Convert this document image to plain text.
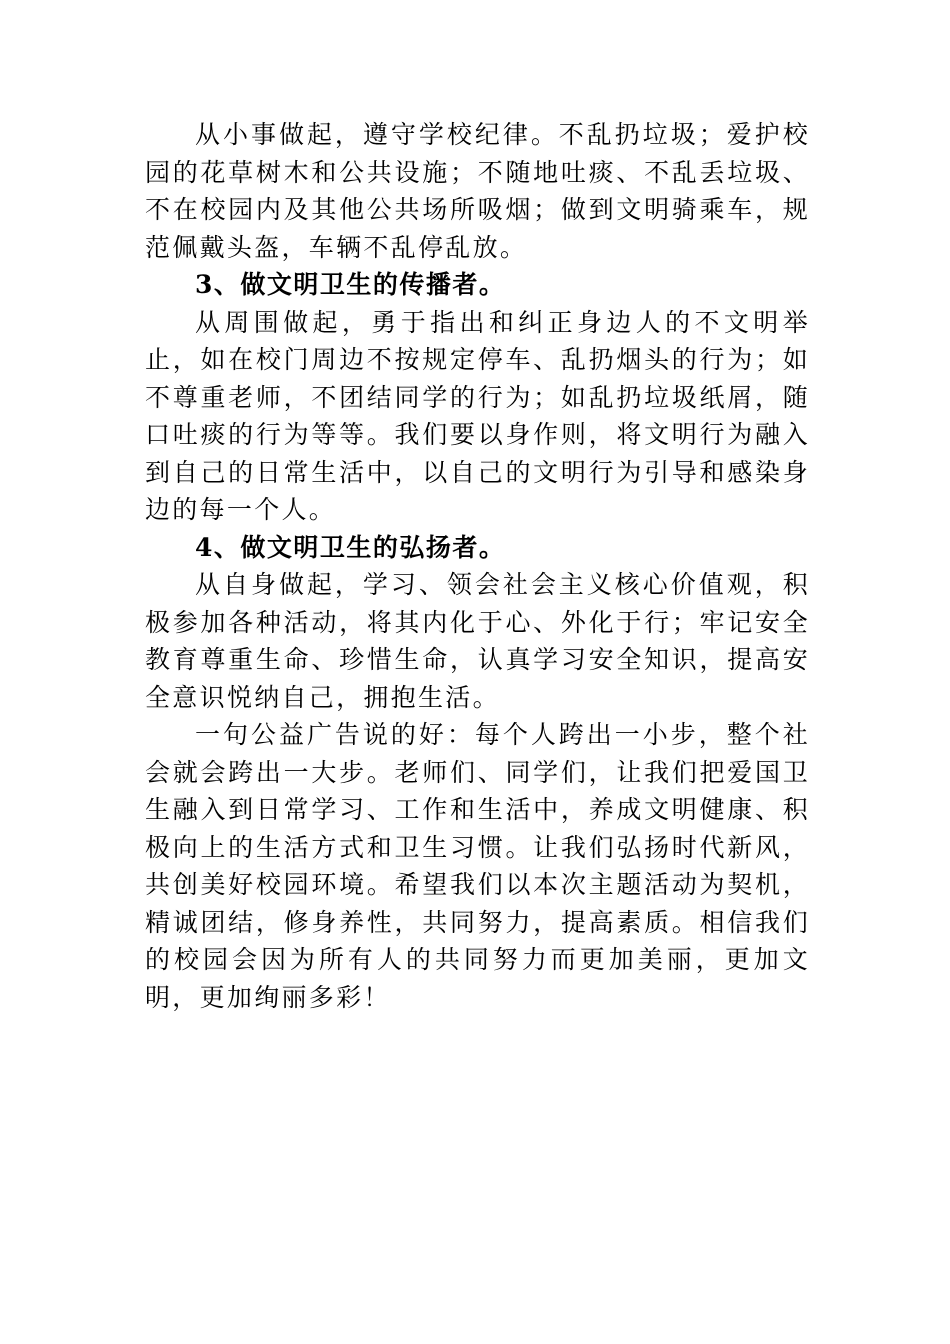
从小事做起，遵守学校纪律。不乱扔垃圾；爱护校园的花草树木和公共设施；不随地吐痰、不乱丢垃圾、不在校园内及其他公共场所吸烟；做到文明骑乘车，规范佩戴头盔，车辆不乱停乱放。

3、做文明卫生的传播者。

从周围做起，勇于指出和纠正身边人的不文明举止，如在校门周边不按规定停车、乱扔烟头的行为；如不尊重老师，不团结同学的行为；如乱扔垃圾纸屑，随口吐痰的行为等等。我们要以身作则，将文明行为融入到自己的日常生活中，以自己的文明行为引导和感染身边的每一个人。

4、做文明卫生的弘扬者。

从自身做起，学习、领会社会主义核心价值观，积极参加各种活动，将其内化于心、外化于行；牢记安全教育尊重生命、珍惜生命，认真学习安全知识，提高安全意识悦纳自己，拥抱生活。

一句公益广告说的好：每个人跨出一小步，整个社会就会跨出一大步。老师们、同学们，让我们把爱国卫生融入到日常学习、工作和生活中，养成文明健康、积极向上的生活方式和卫生习惯。让我们弘扬时代新风，共创美好校园环境。希望我们以本次主题活动为契机，精诚团结，修身养性，共同努力，提高素质。相信我们的校园会因为所有人的共同努力而更加美丽，更加文明，更加绚丽多彩！
